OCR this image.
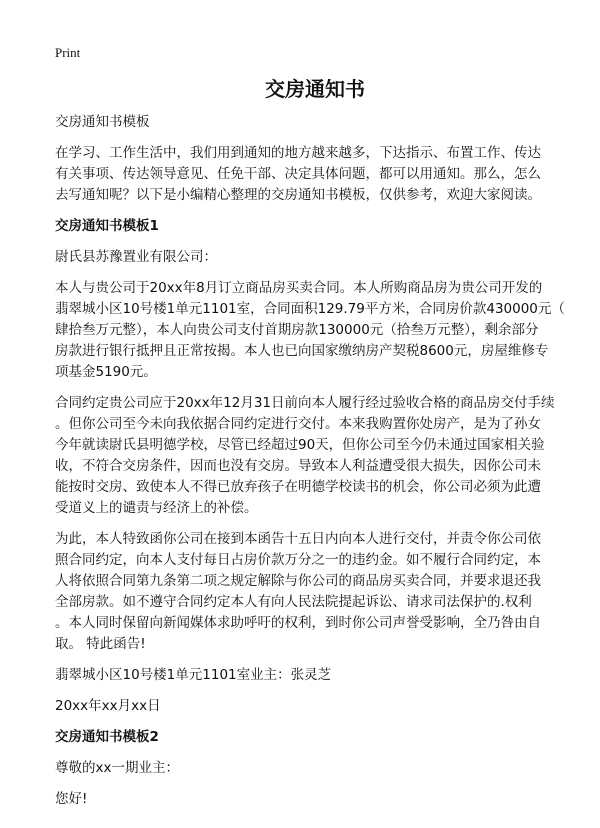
Print
交房通知书
交房通知书模板
在学习、工作生活中，我们用到通知的地方越来越多，下达指示、布置工作、传达
有关事项、传达领导意见、任免干部、决定具体问题，都可以用通知。那么，怎么
去写通知呢？以下是小编精心整理的交房通知书模板，仅供参考，欢迎大家阅读。
交房通知书模板1
尉氏县苏豫置业有限公司：
本人与贵公司于20xx年8月订立商品房买卖合同。本人所购商品房为贵公司开发的
翡翠城小区10号楼1单元1101室，合同面积129.79平方米，合同房价款430000元（
肆拾叁万元整），本人向贵公司支付首期房款130000元（拾叁万元整），剩余部分
房款进行银行抵押且正常按揭。本人也已向国家缴纳房产契税8600元，房屋维修专
项基金5190元。
合同约定贵公司应于20xx年12月31日前向本人履行经过验收合格的商品房交付手续
。但你公司至今未向我依据合同约定进行交付。本来我购置你处房产，是为了孙女
今年就读尉氏县明德学校，尽管已经超过90天，但你公司至今仍未通过国家相关验
收，不符合交房条件，因而也没有交房。导致本人利益遭受很大损失，因你公司未
能按时交房、致使本人不得已放弃孩子在明德学校读书的机会，你公司必须为此遭
受道义上的谴责与经济上的补偿。
为此，本人特致函你公司在接到本函告十五日内向本人进行交付，并责令你公司依
照合同约定，向本人支付每日占房价款万分之一的违约金。如不履行合同约定，本
人将依照合同第九条第二项之规定解除与你公司的商品房买卖合同，并要求退还我
全部房款。如不遵守合同约定本人有向人民法院提起诉讼、请求司法保护的.权利
。本人同时保留向新闻媒体求助呼吁的权利，到时你公司声誉受影响，全乃咎由自
取。 特此函告!
翡翠城小区10号楼1单元1101室业主：张灵芝
20xx年xx月xx日
交房通知书模板2
尊敬的xx一期业主：
您好!
